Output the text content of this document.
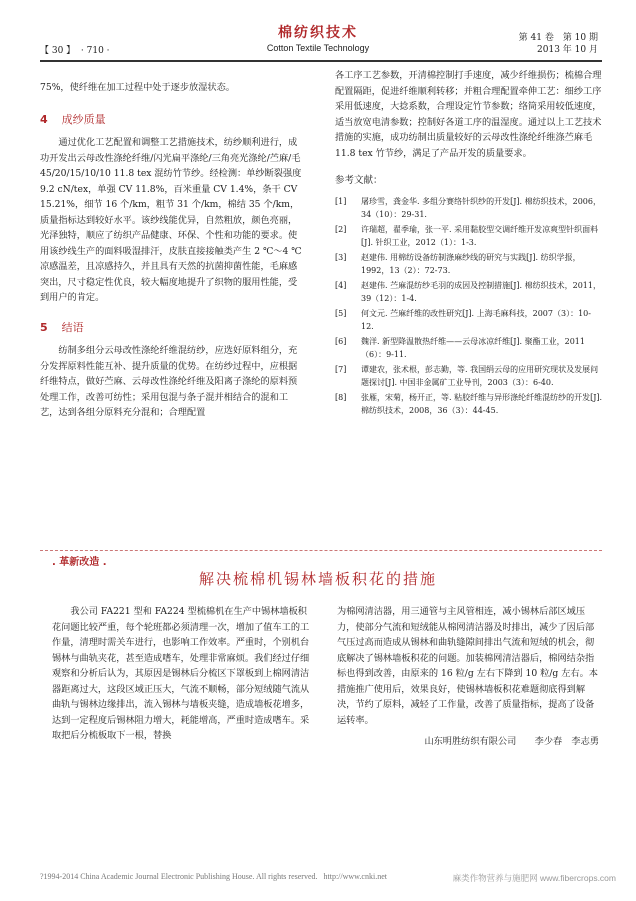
【 30 】 · 710 ·
棉纺织技术
Cotton Textile Technology
第 41 卷　第 10 期
2013 年 10 月

75%，使纤维在加工过程中处于逐步放湿状态。

4 成纱质量

通过优化工艺配置和调整工艺措施技术，纺纱顺利进行，成功开发出云母改性涤纶纤维/闪光扁平涤纶/三角亮光涤纶/苎麻/毛 45/20/15/10/10 11.8 tex 混纺竹节纱。经检测：单纱断裂强度 9.2 cN/tex，单强 CV 11.8%，百米重量 CV 1.4%，条干 CV 15.21%，细节 16 个/km，粗节 31 个/km，棉结 35 个/km，质量指标达到较好水平。该纱线能优异，自然粗放，颜色亮丽，光泽独特，顺应了纺织产品健康、环保、个性和功能的要求。使用该纱线生产的面料吸湿排汗，皮肤直接接触类产生 2 ℃～4 ℃凉感温差，且凉感持久，并且具有天然的抗菌抑菌性能，毛麻感突出，尺寸稳定性优良，较大幅度地提升了织物的服用性能，受到用户的肯定。

5 结语

纺制多组分云母改性涤纶纤维混纺纱，应选好原料组分，充分发挥原料性能互补、提升质量的优势。在纺纱过程中，应根据纤维特点，做好苎麻、云母改性涤纶纤维及阳离子涤纶的原料预处理工作，改善可纺性；采用包混与条子混并相结合的混和工艺，达到各组分原料充分混和；合理配置

各工序工艺参数，开清棉控制打手速度，减少纤维损伤；梳棉合理配置隔距，促进纤维顺利转移；并粗合理配置牵伸工艺：细纱工序采用低速度，大捻系数，合理设定竹节参数；络筒采用较低速度，适当放宽电清参数；控制好各道工序的温湿度。通过以上工艺技术措施的实施，成功纺制出质量较好的云母改性涤纶纤维涤苎麻毛 11.8 tex 竹节纱，满足了产品开发的质量要求。

参考文献：
[1] 屠珍雪，龚金华. 多组分赛络针织纱的开发[J]. 棉纺织技术，2006，34（10）：29-31.
[2] 许瑞超，翟季瑜，张一平. 采用黏胶型交调纤维开发凉爽型针织面料[J]. 针织工业，2012（1）：1-3.
[3] 赵建伟. 用棉纺设备纺制涤麻纱线的研究与实践[J]. 纺织学报，1992，13（2）：72-73.
[4] 赵建伟. 苎麻混纺纱毛羽的成因及控制措施[J]. 棉纺织技术，2011，39（12）：1-4.
[5] 何文元. 苎麻纤维的改性研究[J]. 上海毛麻科技，2007（3）：10-12.
[6] 魏洋. 新型降温散热纤维——云母冰凉纤维[J]. 聚酯工业，2011（6）：9-11.
[7] 谭建农，张术根，彭志勤，等. 我国绢云母的应用研究现状及发展问题探讨[J]. 中国非金属矿工业导刊，2003（3）：6-40.
[8] 张雁，宋菊，杨开正，等. 粘胶纤维与异形涤纶纤维混纺纱的开发[J]. 棉纺织技术，2008，36（3）：44-45.
. 革新改造 .
解决梳棉机锡林墙板积花的措施

我公司 FA221 型和 FA224 型梳棉机在生产中锡林墙板积花问题比较严重，每个轮班都必须清理一次，增加了值车工的工作量，清理时需关车进行，也影响工作效率。严重时，个别机台锡林与曲轨夹花，甚至造成嗜车，处理非常麻烦。我们经过仔细观察和分析后认为，其原因是锡林后分梳区下罩板到上棉网清洁器距离过大，这段区域正压大，气流不顺畅，部分短绒随气流从曲轨与锡林边缘排出，流入锡林与墙板夹缝，造成墙板花增多，达到一定程度后锡林阻力增大，耗能增高，严重时造成嗜车。采取把后分梳板取下一根，替换

为棉网清洁器，用三通管与主风管相连，减小锡林后部区域压力，使部分气流和短绒能从棉网清洁器及时排出，减少了因后部气压过高而造成从锡林和曲轨缝隙间排出气流和短绒的机会，彻底解决了锡林墙板积花的问题。加装棉网清洁器后，棉网结杂指标也得到改善，由原来的 16 粒/g 左右下降到 10 粒/g 左右。本措施推广使用后，效果良好，使锡林墙板积花难题彻底得到解决，节约了原料，减轻了工作量，改善了质量指标，提高了设备运转率。

山东明胜纺织有限公司　　李少春　李志勇
?1994-2014 China Academic Journal Electronic Publishing House. All rights reserved. http://www.cnki.net	麻类作物营养与施肥网 www.fibercrops.com
